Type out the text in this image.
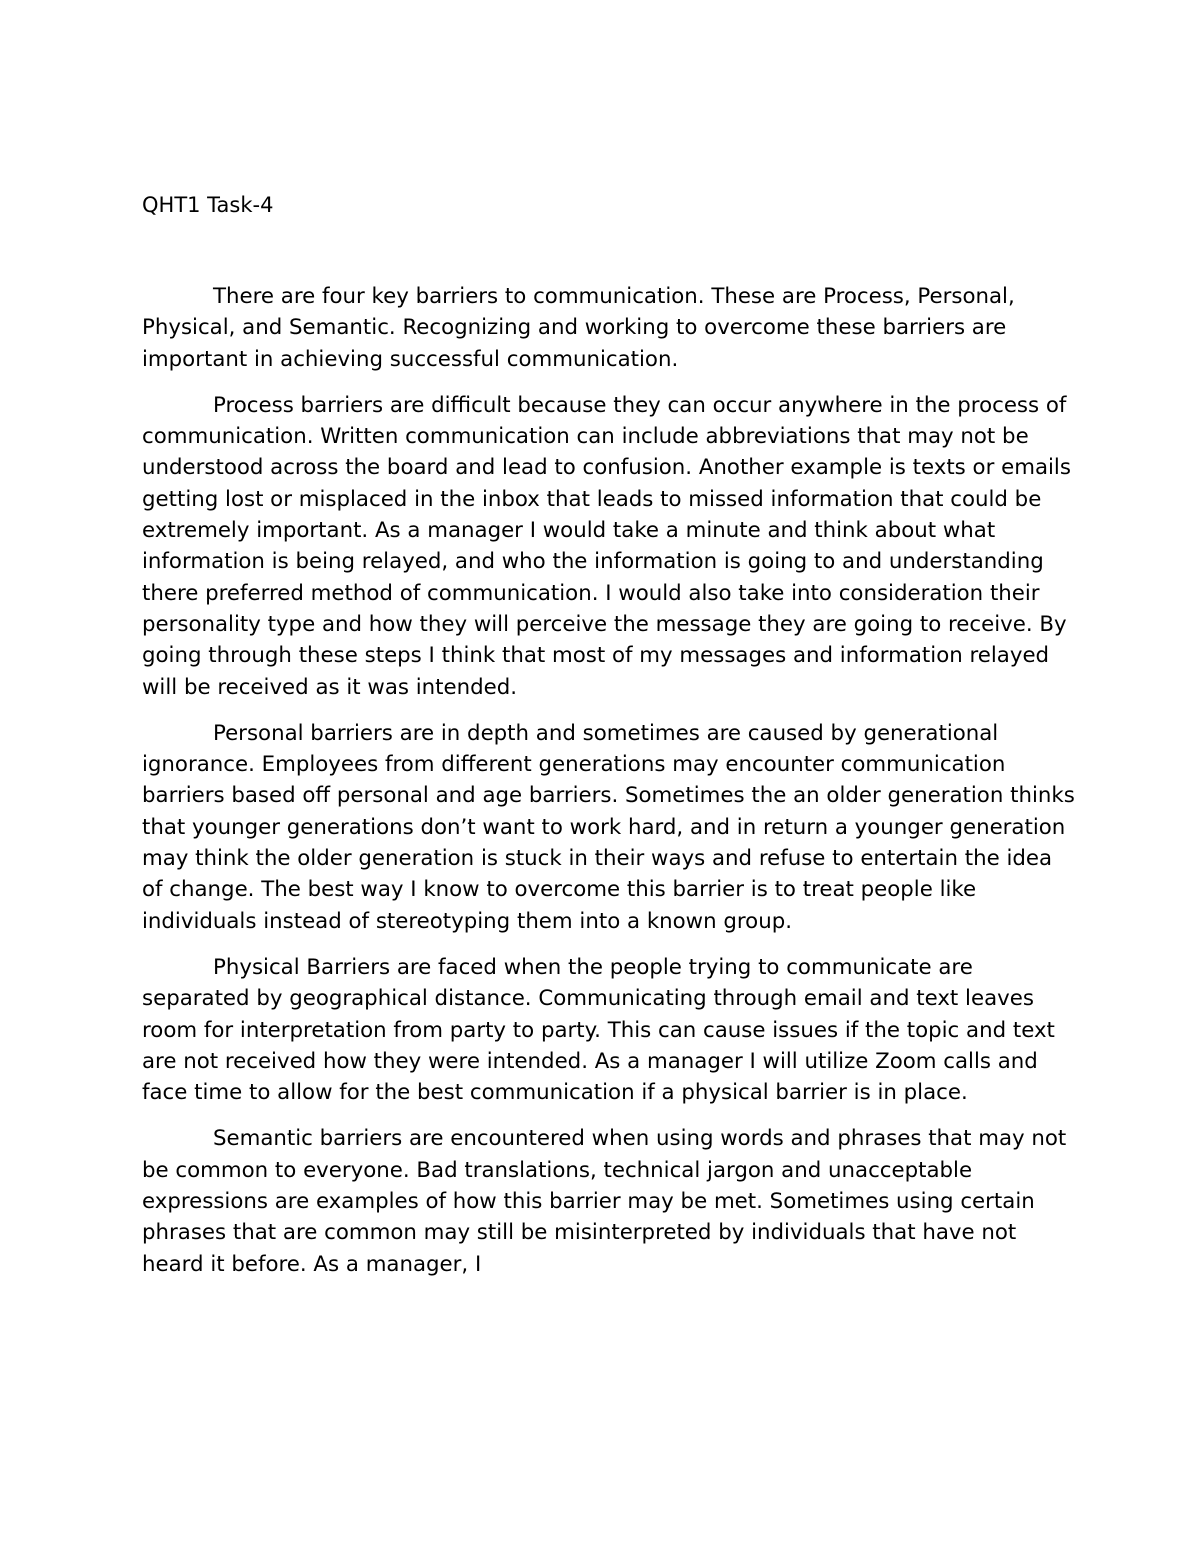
QHT1 Task-4

There are four key barriers to communication. These are Process, Personal, Physical, and Semantic. Recognizing and working to overcome these barriers are important in achieving successful communication.

Process barriers are difficult because they can occur anywhere in the process of communication. Written communication can include abbreviations that may not be understood across the board and lead to confusion. Another example is texts or emails getting lost or misplaced in the inbox that leads to missed information that could be extremely important. As a manager I would take a minute and think about what information is being relayed, and who the information is going to and understanding there preferred method of communication. I would also take into consideration their personality type and how they will perceive the message they are going to receive. By going through these steps I think that most of my messages and information relayed will be received as it was intended.

Personal barriers are in depth and sometimes are caused by generational ignorance. Employees from different generations may encounter communication barriers based off personal and age barriers. Sometimes the an older generation thinks that younger generations don’t want to work hard, and in return a younger generation may think the older generation is stuck in their ways and refuse to entertain the idea of change. The best way I know to overcome this barrier is to treat people like individuals instead of stereotyping them into a known group.

Physical Barriers are faced when the people trying to communicate are separated by geographical distance. Communicating through email and text leaves room for interpretation from party to party. This can cause issues if the topic and text are not received how they were intended. As a manager I will utilize Zoom calls and face time to allow for the best communication if a physical barrier is in place.

Semantic barriers are encountered when using words and phrases that may not be common to everyone. Bad translations, technical jargon and unacceptable expressions are examples of how this barrier may be met. Sometimes using certain phrases that are common may still be misinterpreted by individuals that have not heard it before. As a manager, I
